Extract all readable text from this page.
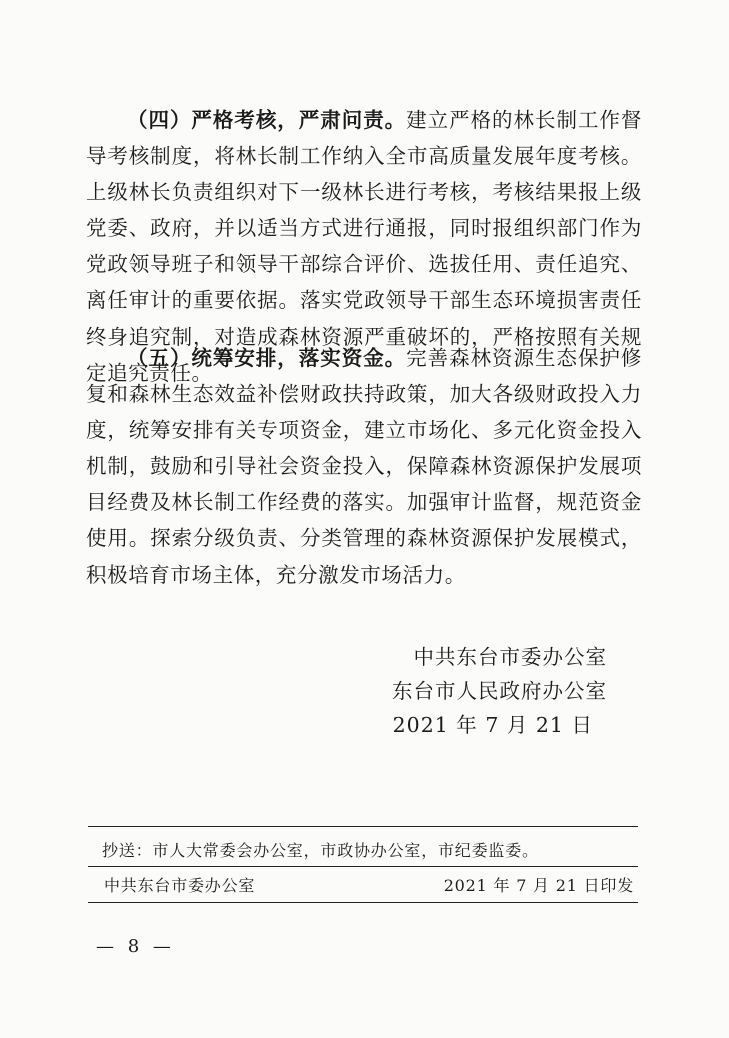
（四）严格考核，严肃问责。建立严格的林长制工作督导考核制度，将林长制工作纳入全市高质量发展年度考核。上级林长负责组织对下一级林长进行考核，考核结果报上级党委、政府，并以适当方式进行通报，同时报组织部门作为党政领导班子和领导干部综合评价、选拔任用、责任追究、离任审计的重要依据。落实党政领导干部生态环境损害责任终身追究制，对造成森林资源严重破坏的，严格按照有关规定追究责任。

（五）统筹安排，落实资金。完善森林资源生态保护修复和森林生态效益补偿财政扶持政策，加大各级财政投入力度，统筹安排有关专项资金，建立市场化、多元化资金投入机制，鼓励和引导社会资金投入，保障森林资源保护发展项目经费及林长制工作经费的落实。加强审计监督，规范资金使用。探索分级负责、分类管理的森林资源保护发展模式，积极培育市场主体，充分激发市场活力。

中共东台市委办公室
东台市人民政府办公室
2021 年 7 月 21 日
抄送：市人大常委会办公室，市政协办公室，市纪委监委。
中共东台市委办公室	2021 年 7 月 21 日印发
— 8 —
